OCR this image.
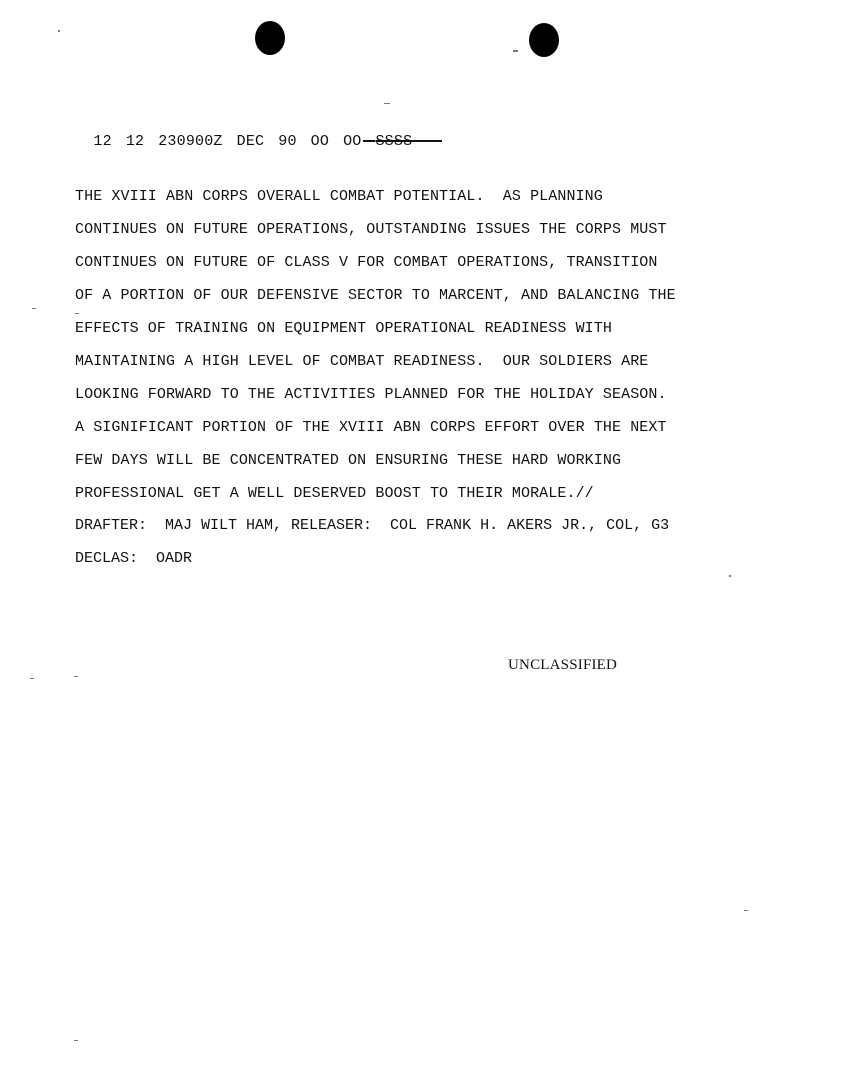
12 12 230900Z DEC 90 OO OO SSSS

THE XVIII ABN CORPS OVERALL COMBAT POTENTIAL.  AS PLANNING
CONTINUES ON FUTURE OPERATIONS, OUTSTANDING ISSUES THE CORPS MUST
CONTINUES ON FUTURE OF CLASS V FOR COMBAT OPERATIONS, TRANSITION
OF A PORTION OF OUR DEFENSIVE SECTOR TO MARCENT, AND BALANCING THE
EFFECTS OF TRAINING ON EQUIPMENT OPERATIONAL READINESS WITH
MAINTAINING A HIGH LEVEL OF COMBAT READINESS.  OUR SOLDIERS ARE
LOOKING FORWARD TO THE ACTIVITIES PLANNED FOR THE HOLIDAY SEASON.
A SIGNIFICANT PORTION OF THE XVIII ABN CORPS EFFORT OVER THE NEXT
FEW DAYS WILL BE CONCENTRATED ON ENSURING THESE HARD WORKING
PROFESSIONAL GET A WELL DESERVED BOOST TO THEIR MORALE.//
DRAFTER:  MAJ WILT HAM, RELEASER:  COL FRANK H. AKERS JR., COL, G3
DECLAS:  OADR
UNCLASSIFIED
